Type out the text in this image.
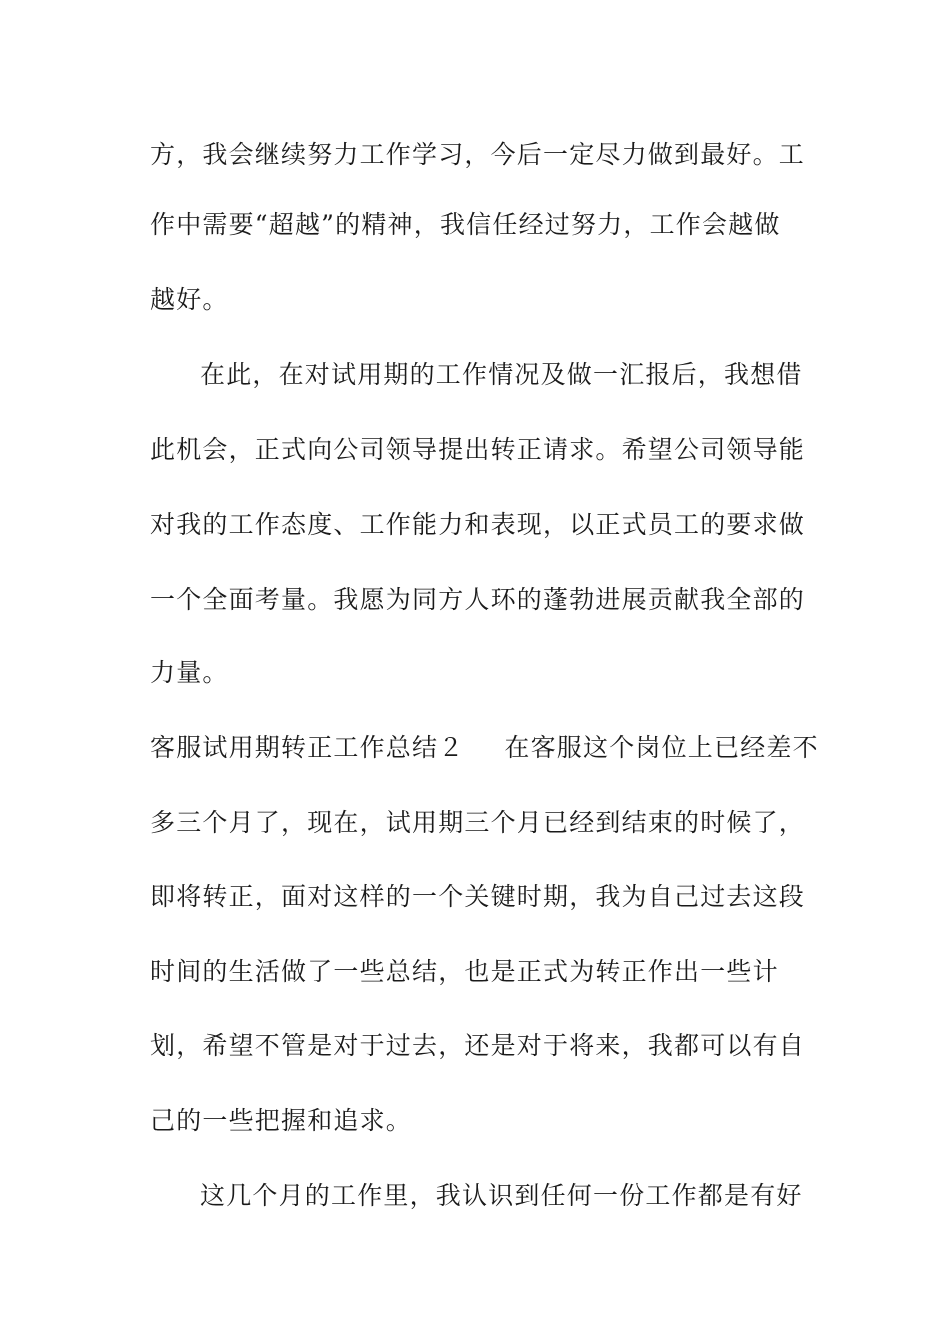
方，我会继续努力工作学习，今后一定尽力做到最好。工
作中需要“超越”的精神，我信任经过努力，工作会越做
越好。
在此，在对试用期的工作情况及做一汇报后，我想借
此机会，正式向公司领导提出转正请求。希望公司领导能
对我的工作态度、工作能力和表现，以正式员工的要求做
一个全面考量。我愿为同方人环的蓬勃进展贡献我全部的
力量。
客服试用期转正工作总结２ 在客服这个岗位上已经差不
多三个月了，现在，试用期三个月已经到结束的时候了，
即将转正，面对这样的一个关键时期，我为自己过去这段
时间的生活做了一些总结，也是正式为转正作出一些计
划，希望不管是对于过去，还是对于将来，我都可以有自
己的一些把握和追求。
这几个月的工作里，我认识到任何一份工作都是有好
